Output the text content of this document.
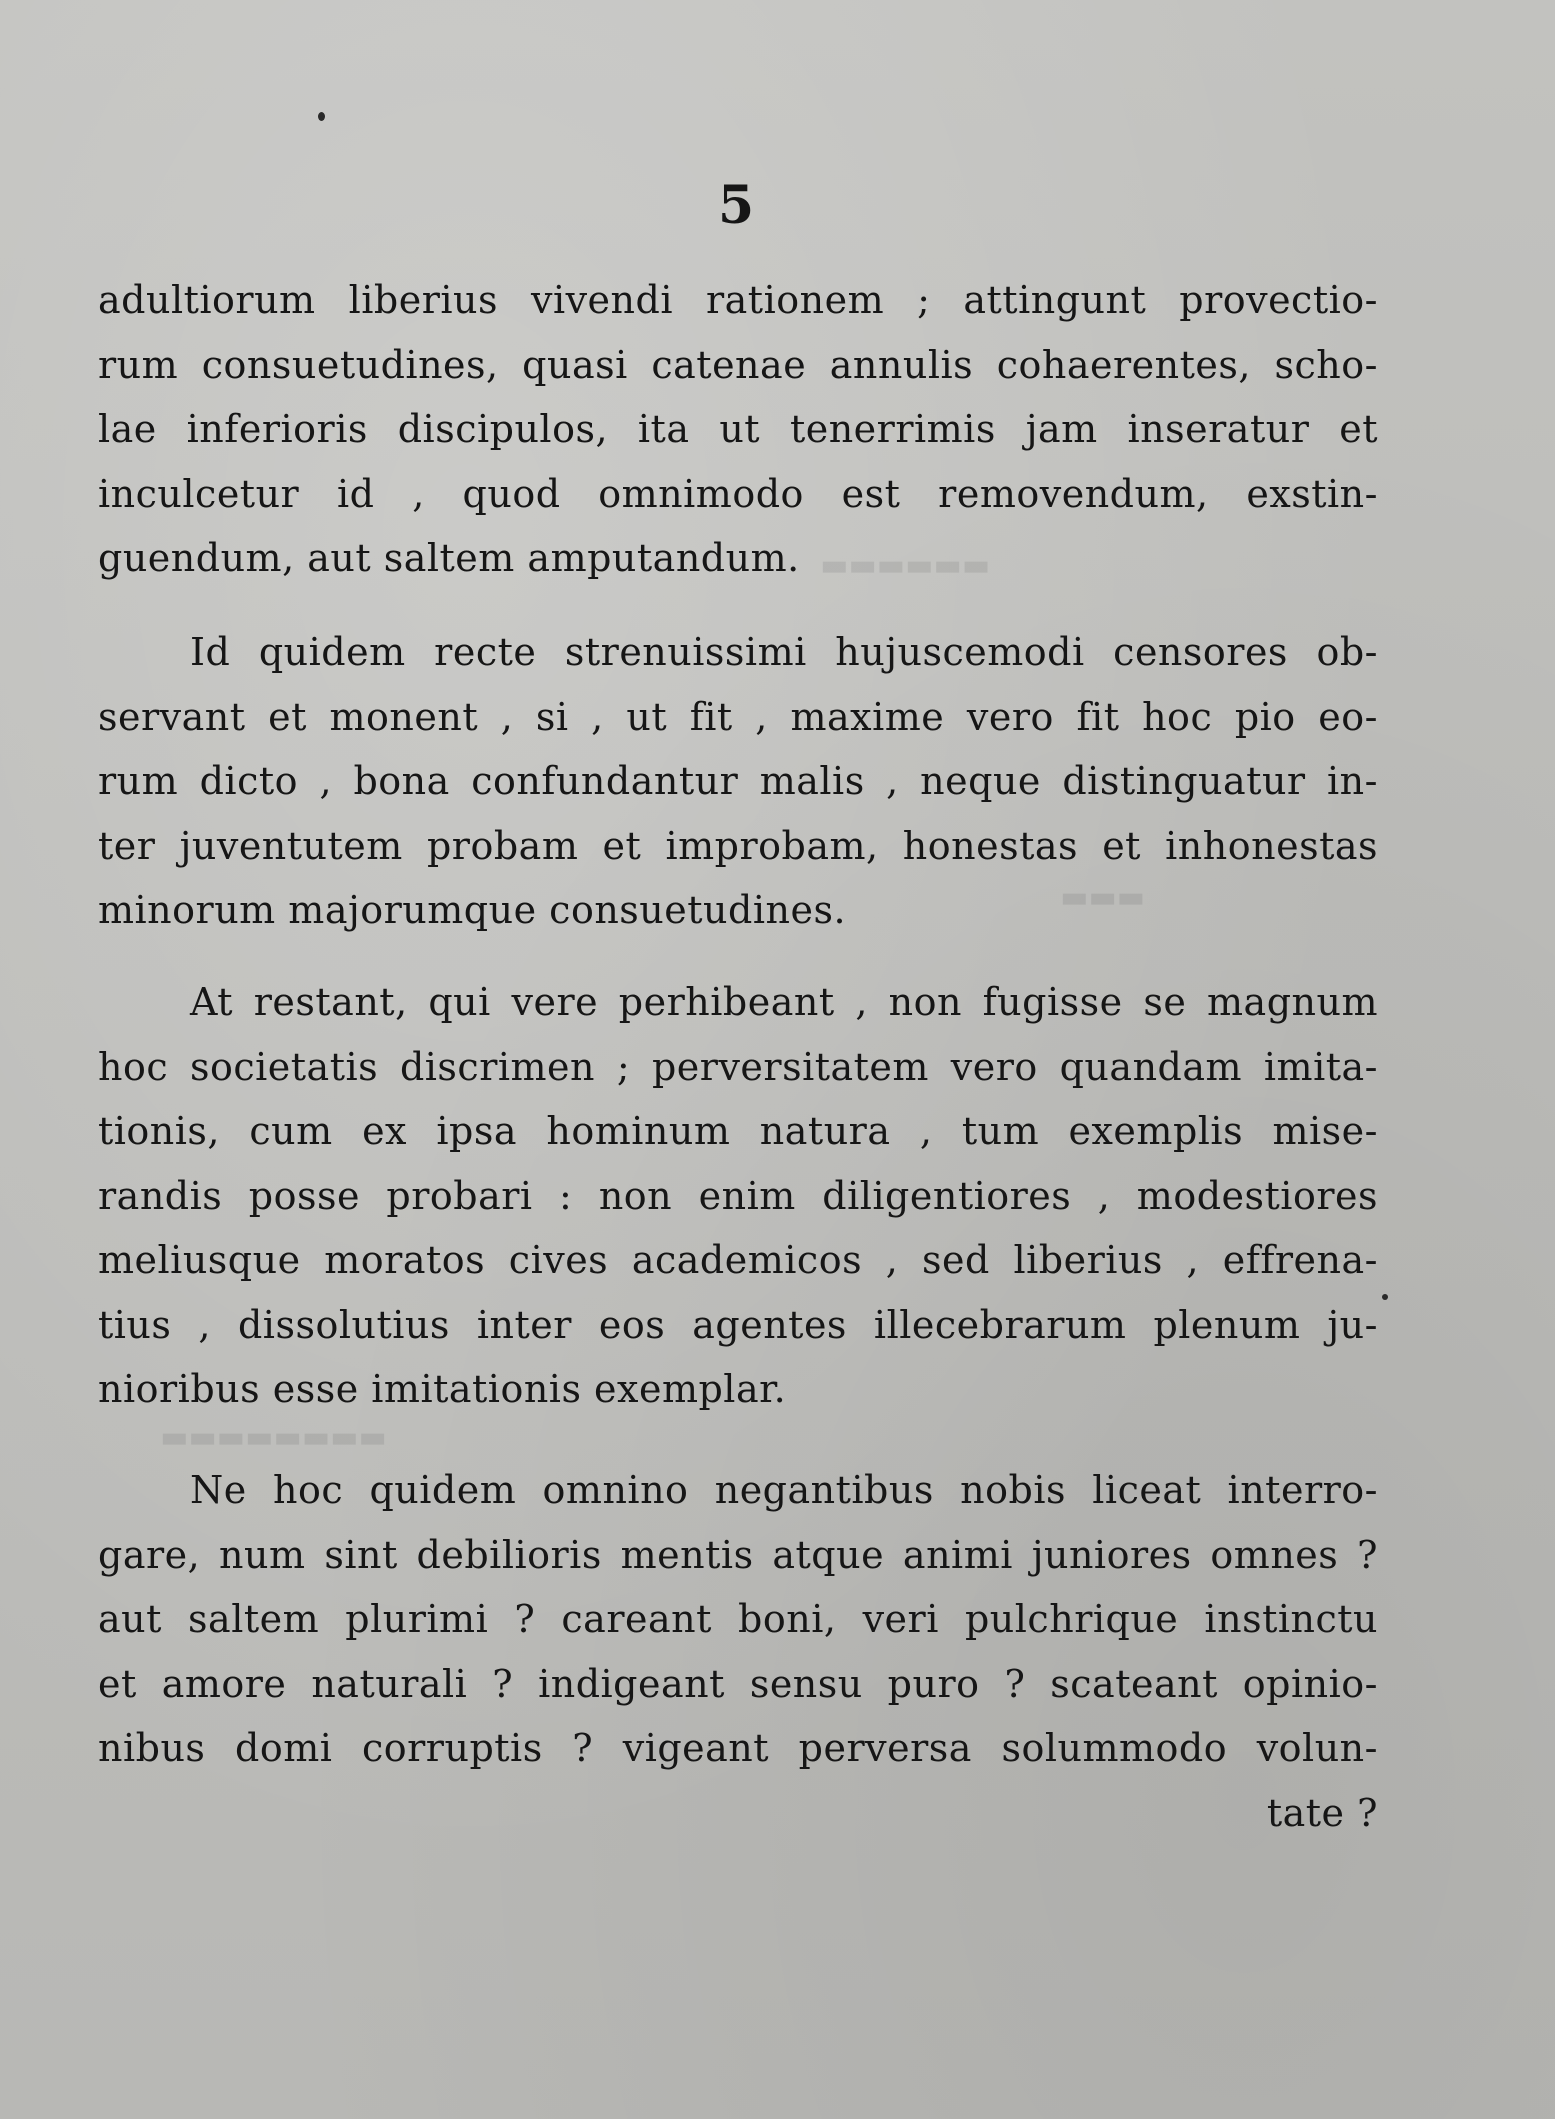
▬▬▬▬▬▬
▬▬▬
▬▬▬▬▬▬▬▬
5
adultiorum liberius vivendi rationem ; attingunt provectio-
rum consuetudines, quasi catenae annulis cohaerentes, scho-
lae inferioris discipulos, ita ut tenerrimis jam inseratur et
inculcetur id , quod omnimodo est removendum, exstin-
guendum, aut saltem amputandum.
Id quidem recte strenuissimi hujuscemodi censores ob-
servant et monent , si , ut fit , maxime vero fit hoc pio eo-
rum dicto , bona confundantur malis , neque distinguatur in-
ter juventutem probam et improbam, honestas et inhonestas
minorum majorumque consuetudines.
At restant, qui vere perhibeant , non fugisse se magnum
hoc societatis discrimen ; perversitatem vero quandam imita-
tionis, cum ex ipsa hominum natura , tum exemplis mise-
randis posse probari : non enim diligentiores , modestiores
meliusque moratos cives academicos , sed liberius , effrena-
tius , dissolutius inter eos agentes illecebrarum plenum ju-
nioribus esse imitationis exemplar.
Ne hoc quidem omnino negantibus nobis liceat interro-
gare, num sint debilioris mentis atque animi juniores omnes ?
aut saltem plurimi ? careant boni, veri pulchrique instinctu
et amore naturali ? indigeant sensu puro ? scateant opinio-
nibus domi corruptis ? vigeant perversa solummodo volun-
tate ?
